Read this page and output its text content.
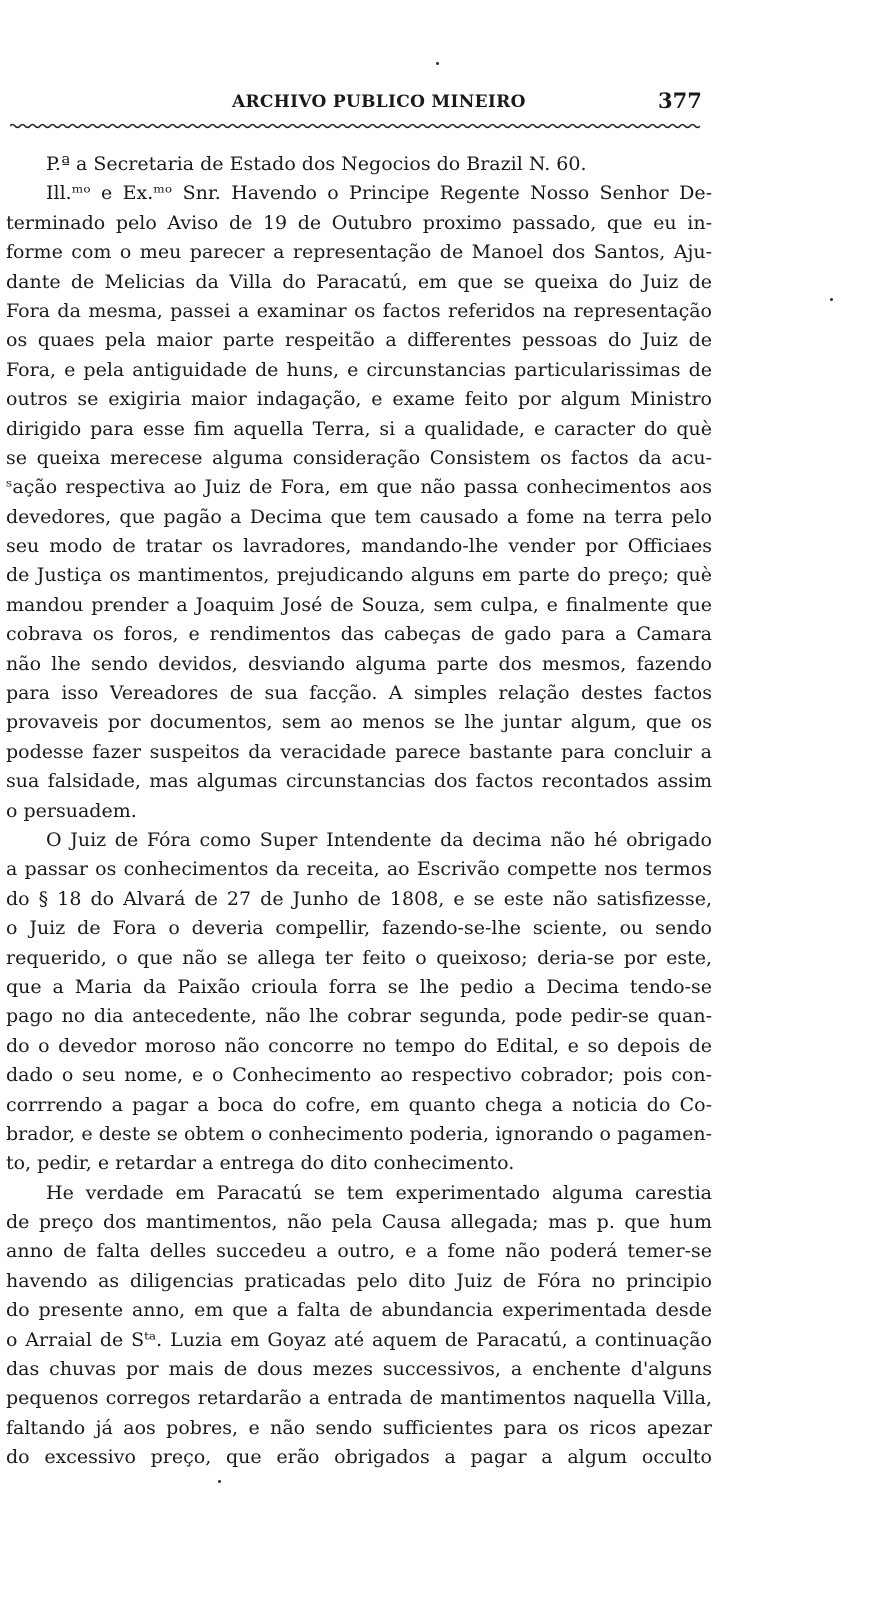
ARCHIVO PUBLICO MINEIRO	377
P.ª a Secretaria de Estado dos Negocios do Brazil N. 60.
Ill.ᵐᵒ e Ex.ᵐᵒ Snr. Havendo o Principe Regente Nosso Senhor De-
terminado pelo Aviso de 19 de Outubro proximo passado, que eu in-
forme com o meu parecer a representação de Manoel dos Santos, Aju-
dante de Melicias da Villa do Paracatú, em que se queixa do Juiz de
Fora da mesma, passei a examinar os factos referidos na representação
os quaes pela maior parte respeitão a differentes pessoas do Juiz de
Fora, e pela antiguidade de huns, e circunstancias particularissimas de
outros se exigiria maior indagação, e exame feito por algum Ministro
dirigido para esse fim aquella Terra, si a qualidade, e caracter do què
se queixa merecese alguma consideração Consistem os factos da acu-
ˢação respectiva ao Juiz de Fora, em que não passa conhecimentos aos
devedores, que pagão a Decima que tem causado a fome na terra pelo
seu modo de tratar os lavradores, mandando-lhe vender por Officiaes
de Justiça os mantimentos, prejudicando alguns em parte do preço; què
mandou prender a Joaquim José de Souza, sem culpa, e finalmente que
cobrava os foros, e rendimentos das cabeças de gado para a Camara
não lhe sendo devidos, desviando alguma parte dos mesmos, fazendo
para isso Vereadores de sua facção. A simples relação destes factos
provaveis por documentos, sem ao menos se lhe juntar algum, que os
podesse fazer suspeitos da veracidade parece bastante para concluir a
sua falsidade, mas algumas circunstancias dos factos recontados assim
o persuadem.
O Juiz de Fóra como Super Intendente da decima não hé obrigado
a passar os conhecimentos da receita, ao Escrivão compette nos termos
do § 18 do Alvará de 27 de Junho de 1808, e se este não satisfizesse,
o Juiz de Fora o deveria compellir, fazendo-se-lhe sciente, ou sendo
requerido, o que não se allega ter feito o queixoso; deria-se por este,
que a Maria da Paixão crioula forra se lhe pedio a Decima tendo-se
pago no dia antecedente, não lhe cobrar segunda, pode pedir-se quan-
do o devedor moroso não concorre no tempo do Edital, e so depois de
dado o seu nome, e o Conhecimento ao respectivo cobrador; pois con-
corrrendo a pagar a boca do cofre, em quanto chega a noticia do Co-
brador, e deste se obtem o conhecimento poderia, ignorando o pagamen-
to, pedir, e retardar a entrega do dito conhecimento.
He verdade em Paracatú se tem experimentado alguma carestia
de preço dos mantimentos, não pela Causa allegada; mas p. que hum
anno de falta delles succedeu a outro, e a fome não poderá temer-se
havendo as diligencias praticadas pelo dito Juiz de Fóra no principio
do presente anno, em que a falta de abundancia experimentada desde
o Arraial de Sᵗᵃ. Luzia em Goyaz até aquem de Paracatú, a continuação
das chuvas por mais de dous mezes successivos, a enchente d'alguns
pequenos corregos retardarão a entrada de mantimentos naquella Villa,
faltando já aos pobres, e não sendo sufficientes para os ricos apezar
do excessivo preço, que erão obrigados a pagar a algum occulto
